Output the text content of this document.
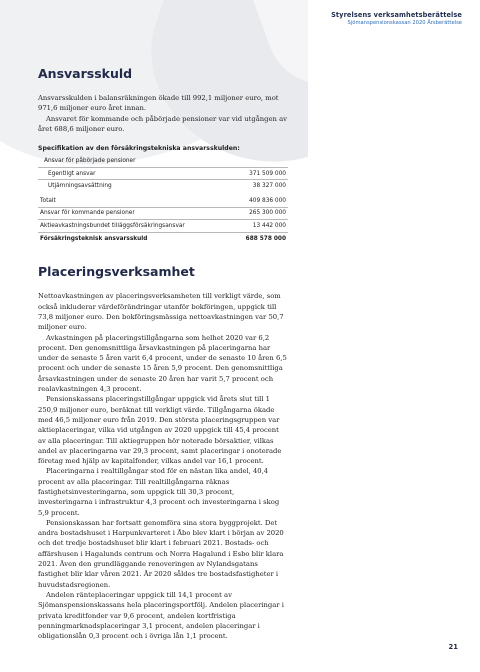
Styrelsens verksamhetsberättelse
Sjömanspensionskassan 2020 Årsberättelse
Ansvarsskuld

Ansvarsskulden i balansräkningen ökade till 992,1 miljoner euro, mot 971,6 miljoner euro året innan.

Ansvaret för kommande och påbörjade pensioner var vid utgången av året 688,6 miljoner euro.

Specifikation av den försäkringstekniska ansvarsskulden:
Ansvar för påbörjade pensioner
Egentligt ansvar	371 509 000
Utjämningsavsättning	38 327 000
Totalt	409 836 000
Ansvar för kommande pensioner	265 300 000
Aktieavkastningsbundet tilläggsförsäkringsansvar	13 442 000
Försäkringsteknisk ansvarsskuld	688 578 000
Placeringsverksamhet

Nettoavkastningen av placeringsverksamheten till verkligt värde, som också inkluderar värdeförändringar utanför bokföringen, uppgick till 73,8 miljoner euro. Den bokföringsmässiga nettoavkastningen var 50,7 miljoner euro.

Avkastningen på placeringstillgångarna som helhet 2020 var 6,2 procent. Den genomsnittliga årsavkastningen på placeringarna har under de senaste 5 åren varit 6,4 procent, under de senaste 10 åren 6,5 procent och under de senaste 15 åren 5,9 procent. Den genomsnittliga årsavkastningen under de senaste 20 åren har varit 5,7 procent och realavkastningen 4,3 procent.

Pensionskassans placeringstillgångar uppgick vid årets slut till 1 250,9 miljoner euro, beräknat till verkligt värde. Tillgångarna ökade med 46,5 miljoner euro från 2019. Den största placeringsgruppen var aktieplaceringar, vilka vid utgången av 2020 uppgick till 45,4 procent av alla placeringar. Till aktiegruppen hör noterade börsaktier, vilkas andel av placeringarna var 29,3 procent, samt placeringar i onoterade företag med hjälp av kapitalfonder, vilkas andel var 16,1 procent.

Placeringarna i realtillgångar stod för en nästan lika andel, 40,4 procent av alla placeringar. Till realtillgångarna räknas fastighetsinvesteringarna, som uppgick till 30,3 procent, investeringarna i infrastruktur 4,3 procent och investeringarna i skog 5,9 procent.

Pensionskassan har fortsatt genomföra sina stora byggprojekt. Det andra bostadshuset i Harpunkvarteret i Åbo blev klart i början av 2020 och det tredje bostadshuset blir klart i februari 2021. Bostads- och affärshusen i Hagalunds centrum och Norra Hagalund i Esbo blir klara 2021. Även den grundläggande renoveringen av Nylandsgatans fastighet blir klar våren 2021. År 2020 såldes tre bostadsfastigheter i huvudstadsregionen.

Andelen ränteplaceringar uppgick till 14,1 procent av Sjömanspensionskassans hela placeringsportfölj. Andelen placeringar i privata kreditfonder var 9,6 procent, andelen kortfristiga penningmarknadsplaceringar 3,1 procent, andelen placeringar i obligationslån 0,3 procent och i övriga lån 1,1 procent.

21
